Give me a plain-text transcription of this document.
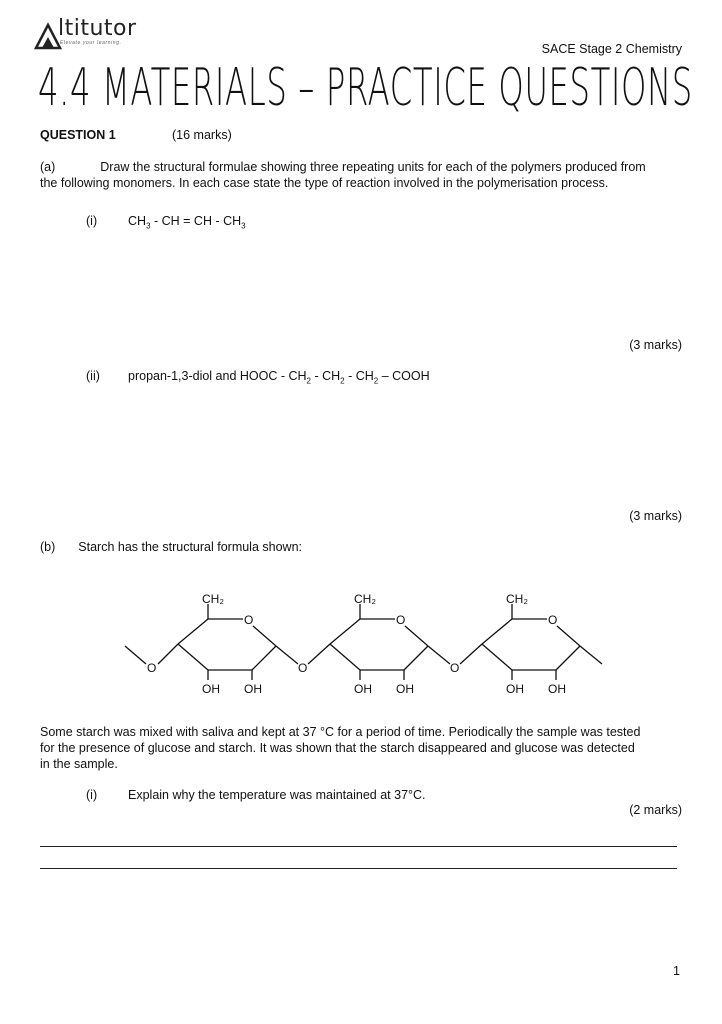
ltitutor
Elevate your learning.	SACE Stage 2 Chemistry
4.4 MATERIALS – PRACTICE QUESTIONS
QUESTION 1	(16 marks)
(a)	Draw the structural formulae showing three repeating units for each of the polymers produced from
the following monomers. In each case state the type of reaction involved in the polymerisation process.
(i) $CH_3$ - CH = CH - $CH_3$
(3 marks)
(ii) propan-1,3-diol and HOOC - $CH_2 - CH_2 - CH_2$ – COOH
(3 marks)
(b) Starch has the structural formula shown:
CH₂
O
O
OH OH
O
CH₂
O
OH OH
O
CH₂
O
OH OH
Some starch was mixed with saliva and kept at 37 °C for a period of time. Periodically the sample was tested
for the presence of glucose and starch. It was shown that the starch disappeared and glucose was detected
in the sample.
(i) Explain why the temperature was maintained at 37°C.
(2 marks)
1
